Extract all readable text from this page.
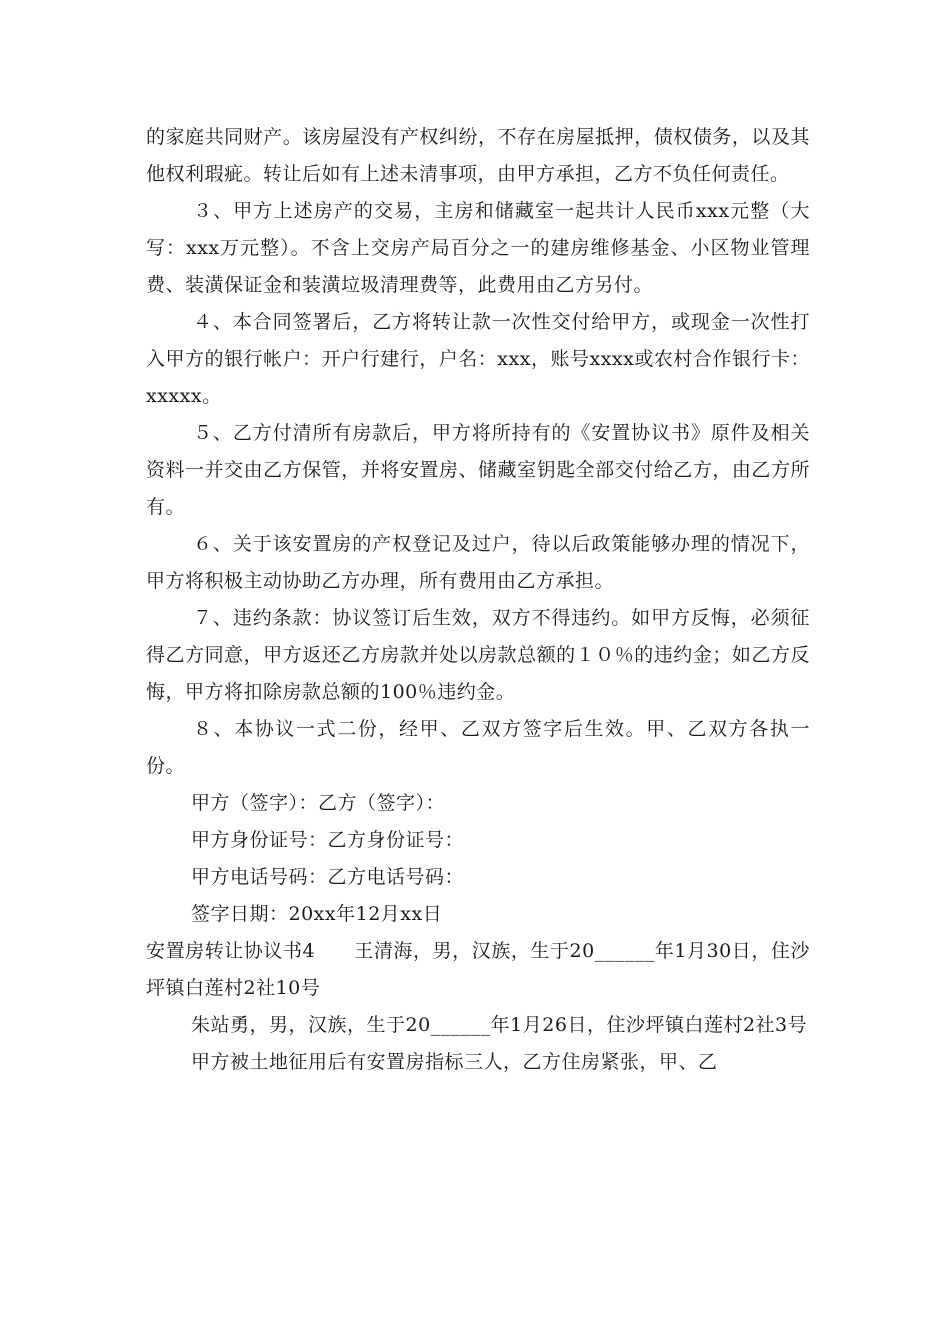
的家庭共同财产。该房屋没有产权纠纷，不存在房屋抵押，债权债务，以及其他权利瑕疵。转让后如有上述未清事项，由甲方承担，乙方不负任何责任。

３、甲方上述房产的交易，主房和储藏室一起共计人民币xxx元整（大写：xxx万元整）。不含上交房产局百分之一的建房维修基金、小区物业管理费、装潢保证金和装潢垃圾清理费等，此费用由乙方另付。

４、本合同签署后，乙方将转让款一次性交付给甲方，或现金一次性打入甲方的银行帐户：开户行建行，户名：xxx，账号xxxx或农村合作银行卡：xxxxx。

５、乙方付清所有房款后，甲方将所持有的《安置协议书》原件及相关资料一并交由乙方保管，并将安置房、储藏室钥匙全部交付给乙方，由乙方所有。

６、关于该安置房的产权登记及过户，待以后政策能够办理的情况下，甲方将积极主动协助乙方办理，所有费用由乙方承担。

７、违约条款：协议签订后生效，双方不得违约。如甲方反悔，必须征得乙方同意，甲方返还乙方房款并处以房款总额的１０％的违约金；如乙方反悔，甲方将扣除房款总额的100％违约金。

８、本协议一式二份，经甲、乙双方签字后生效。甲、乙双方各执一份。

甲方（签字）：乙方（签字）：

甲方身份证号：乙方身份证号：

甲方电话号码：乙方电话号码：

签字日期：20xx年12月xx日

安置房转让协议书4　　王清海，男，汉族，生于20______年1月30日，住沙坪镇白莲村2社10号

朱站勇，男，汉族，生于20______年1月26日，住沙坪镇白莲村2社3号

甲方被土地征用后有安置房指标三人，乙方住房紧张，甲、乙
